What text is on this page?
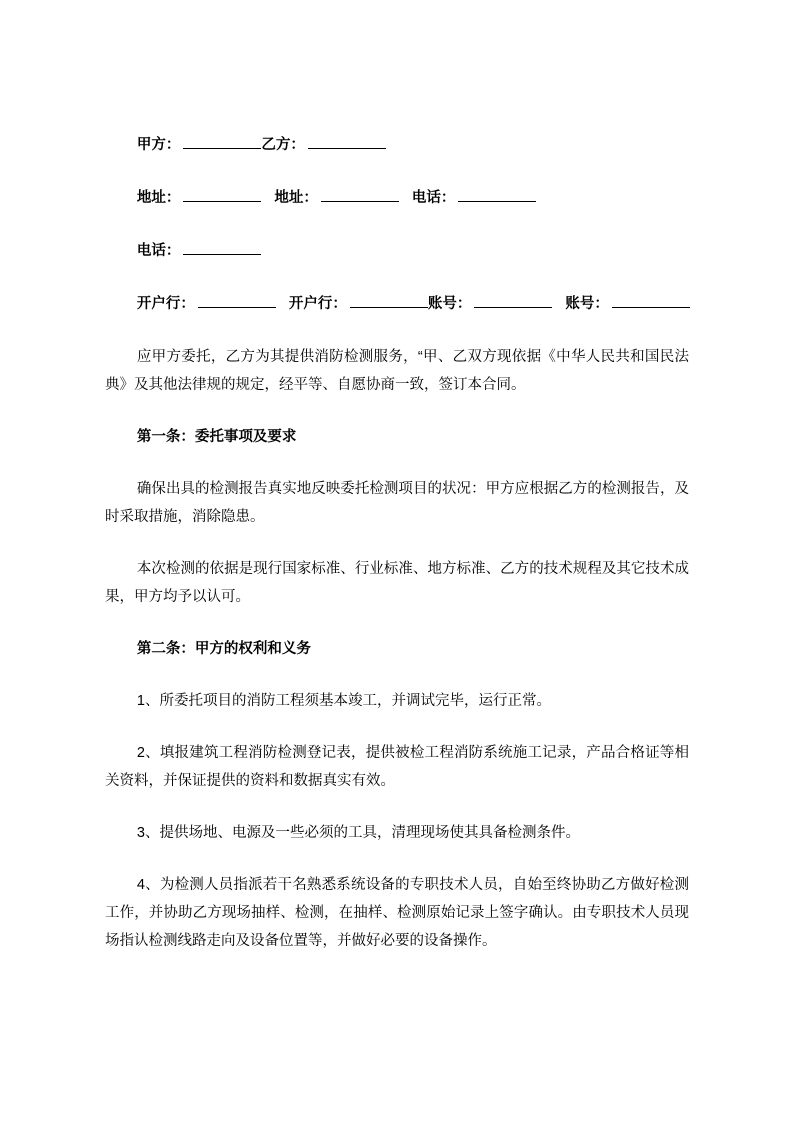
甲方：	乙方：
地址：	地址：	电话：
电话：
开户行：	开户行：	账号：	账号：

应甲方委托，乙方为其提供消防检测服务，“甲、乙双方现依据《中华人民共和国民法典》及其他法律规的规定，经平等、自愿协商一致，签订本合同。

第一条：委托事项及要求

确保出具的检测报告真实地反映委托检测项目的状况：甲方应根据乙方的检测报告，及时采取措施，消除隐患。

本次检测的依据是现行国家标准、行业标准、地方标准、乙方的技术规程及其它技术成果，甲方均予以认可。

第二条：甲方的权利和义务

1、所委托项目的消防工程须基本竣工，并调试完毕，运行正常。

2、填报建筑工程消防检测登记表，提供被检工程消防系统施工记录，产品合格证等相关资料，并保证提供的资料和数据真实有效。

3、提供场地、电源及一些必须的工具，清理现场使其具备检测条件。

4、为检测人员指派若干名熟悉系统设备的专职技术人员，自始至终协助乙方做好检测工作，并协助乙方现场抽样、检测，在抽样、检测原始记录上签字确认。由专职技术人员现场指认检测线路走向及设备位置等，并做好必要的设备操作。
